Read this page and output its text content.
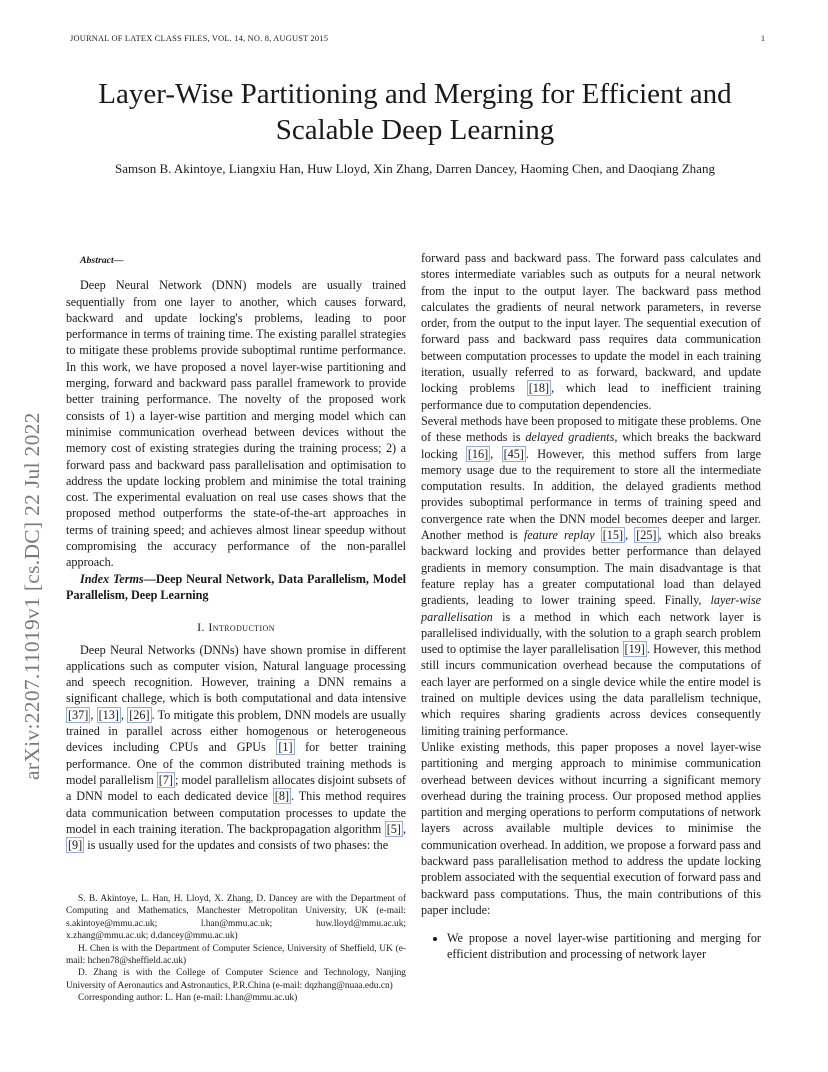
JOURNAL OF LATEX CLASS FILES, VOL. 14, NO. 8, AUGUST 2015	1
arXiv:2207.11019v1 [cs.DC] 22 Jul 2022
Layer-Wise Partitioning and Merging for Efficient and Scalable Deep Learning

Samson B. Akintoye, Liangxiu Han, Huw Lloyd, Xin Zhang, Darren Dancey, Haoming Chen, and Daoqiang Zhang

Abstract—

Deep Neural Network (DNN) models are usually trained sequentially from one layer to another, which causes forward, backward and update locking's problems, leading to poor performance in terms of training time. The existing parallel strategies to mitigate these problems provide suboptimal runtime performance. In this work, we have proposed a novel layer-wise partitioning and merging, forward and backward pass parallel framework to provide better training performance. The novelty of the proposed work consists of 1) a layer-wise partition and merging model which can minimise communication overhead between devices without the memory cost of existing strategies during the training process; 2) a forward pass and backward pass parallelisation and optimisation to address the update locking problem and minimise the total training cost. The experimental evaluation on real use cases shows that the proposed method outperforms the state-of-the-art approaches in terms of training speed; and achieves almost linear speedup without compromising the accuracy performance of the non-parallel approach.

Index Terms—Deep Neural Network, Data Parallelism, Model Parallelism, Deep Learning

I. Introduction

Deep Neural Networks (DNNs) have shown promise in different applications such as computer vision, Natural language processing and speech recognition. However, training a DNN remains a significant challege, which is both computational and data intensive [37] , [13] , [26] . To mitigate this problem, DNN models are usually trained in parallel across either homogenous or heterogeneous devices including CPUs and GPUs [1] for better training performance. One of the common distributed training methods is model parallelism [7] ; model parallelism allocates disjoint subsets of a DNN model to each dedicated device [8] . This method requires data communication between computation processes to update the model in each training iteration. The backpropagation algorithm [5] , [9] is usually used for the updates and consists of two phases: the

S. B. Akintoye, L. Han, H. Lloyd, X. Zhang, D. Dancey are with the Department of Computing and Mathematics, Manchester Metropolitan University, UK (e-mail: s.akintoye@mmu.ac.uk; l.han@mmu.ac.uk; huw.lloyd@mmu.ac.uk; x.zhang@mmu.ac.uk; d.dancey@mmu.ac.uk)

H. Chen is with the Department of Computer Science, University of Sheffield, UK (e-mail: hchen78@sheffield.ac.uk)

D. Zhang is with the College of Computer Science and Technology, Nanjing University of Aeronautics and Astronautics, P.R.China (e-mail: dqzhang@nuaa.edu.cn)

Corresponding author: L. Han (e-mail: l.han@mmu.ac.uk)

forward pass and backward pass. The forward pass calculates and stores intermediate variables such as outputs for a neural network from the input to the output layer. The backward pass method calculates the gradients of neural network parameters, in reverse order, from the output to the input layer. The sequential execution of forward pass and backward pass requires data communication between computation processes to update the model in each training iteration, usually referred to as forward, backward, and update locking problems [18] , which lead to inefficient training performance due to computation dependencies.

Several methods have been proposed to mitigate these problems. One of these methods is delayed gradients, which breaks the backward locking [16] , [45] . However, this method suffers from large memory usage due to the requirement to store all the intermediate computation results. In addition, the delayed gradients method provides suboptimal performance in terms of training speed and convergence rate when the DNN model becomes deeper and larger. Another method is feature replay [15] , [25] , which also breaks backward locking and provides better performance than delayed gradients in memory consumption. The main disadvantage is that feature replay has a greater computational load than delayed gradients, leading to lower training speed. Finally, layer-wise parallelisation is a method in which each network layer is parallelised individually, with the solution to a graph search problem used to optimise the layer parallelisation [19] . However, this method still incurs communication overhead because the computations of each layer are performed on a single device while the entire model is trained on multiple devices using the data parallelism technique, which requires sharing gradients across devices consequently limiting training performance.

Unlike existing methods, this paper proposes a novel layer-wise partitioning and merging approach to minimise communication overhead between devices without incurring a significant memory overhead during the training process. Our proposed method applies partition and merging operations to perform computations of network layers across available multiple devices to minimise the communication overhead. In addition, we propose a forward pass and backward pass parallelisation method to address the update locking problem associated with the sequential execution of forward pass and backward pass computations. Thus, the main contributions of this paper include:

• We propose a novel layer-wise partitioning and merging for efficient distribution and processing of network layer
